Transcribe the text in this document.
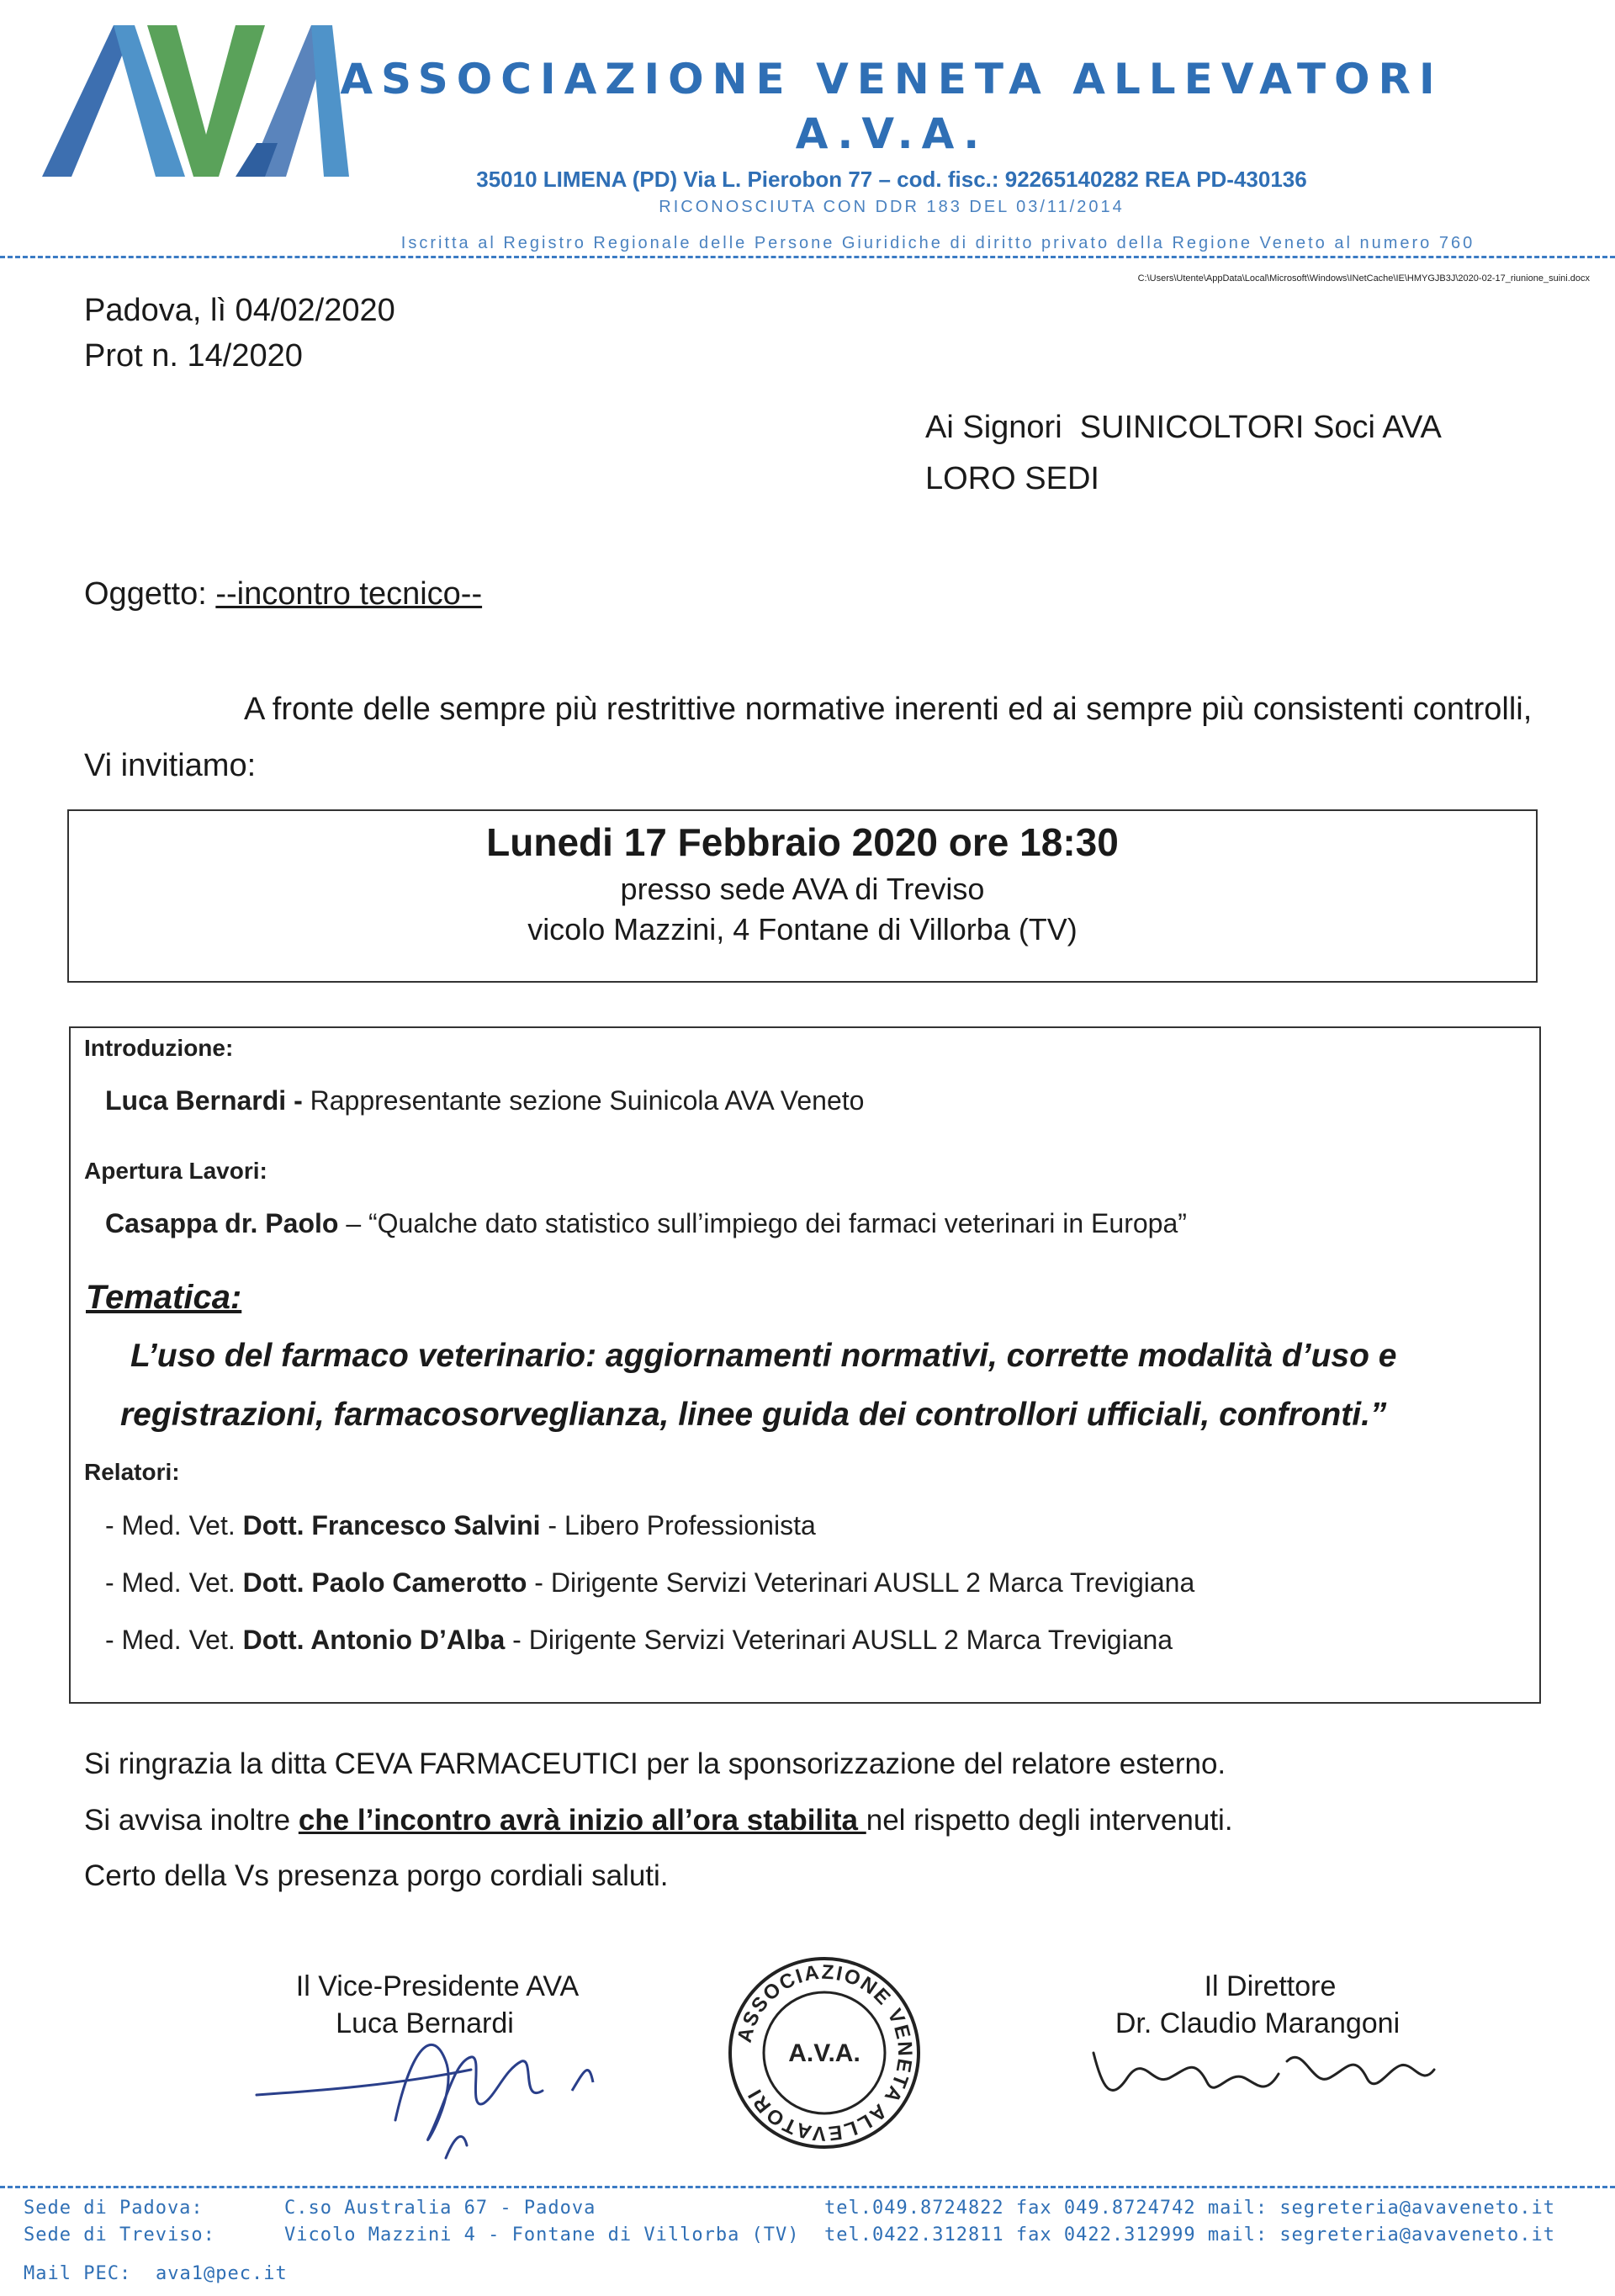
ASSOCIAZIONE VENETA ALLEVATORI
A.V.A.
35010 LIMENA (PD) Via L. Pierobon 77 – cod. fisc.: 92265140282 REA PD-430136
RICONOSCIUTA CON DDR 183 DEL 03/11/2014
Iscritta al Registro Regionale delle Persone Giuridiche di diritto privato della Regione Veneto al numero 760
C:\Users\Utente\AppData\Local\Microsoft\Windows\INetCache\IE\HMYGJB3J\2020-02-17_riunione_suini.docx
Padova, lì 04/02/2020
Prot n. 14/2020
Ai Signori  SUINICOLTORI Soci AVA
LORO SEDI
Oggetto: --incontro tecnico--
A fronte delle sempre più restrittive normative inerenti ed ai sempre più consistenti controlli,
Vi invitiamo:
Lunedi 17 Febbraio 2020 ore 18:30
presso sede AVA di Treviso
vicolo Mazzini, 4 Fontane di Villorba (TV)
Introduzione:
Luca Bernardi - Rappresentante sezione Suinicola AVA Veneto
Apertura Lavori:
Casappa dr. Paolo – “Qualche dato statistico sull’impiego dei farmaci veterinari in Europa”
Tematica:
L’uso del farmaco veterinario: aggiornamenti normativi, corrette modalità d’uso e
registrazioni, farmacosorveglianza, linee guida dei controllori ufficiali, confronti.”
Relatori:
- Med. Vet. Dott. Francesco Salvini - Libero Professionista
- Med. Vet. Dott. Paolo Camerotto - Dirigente Servizi Veterinari AUSLL 2 Marca Trevigiana
- Med. Vet. Dott. Antonio D’Alba - Dirigente Servizi Veterinari AUSLL 2 Marca Trevigiana
Si ringrazia la ditta CEVA FARMACEUTICI per la sponsorizzazione del relatore esterno.
Si avvisa inoltre che l’incontro avrà inizio all’ora stabilita nel rispetto degli intervenuti.
Certo della Vs presenza porgo cordiali saluti.
Il Vice-Presidente AVA
Luca Bernardi	ASSOCIAZIONE VENETA ALLEVATORI
A.V.A.
Il Direttore
Dr. Claudio Marangoni
Sede di Padova:	C.so Australia 67 - Padova	tel.049.8724822 fax 049.8724742 mail: segreteria@avaveneto.it
Sede di Treviso:	Vicolo Mazzini 4 - Fontane di Villorba (TV) tel.0422.312811 fax 0422.312999 mail: segreteria@avaveneto.it
Mail PEC: ava1@pec.it
